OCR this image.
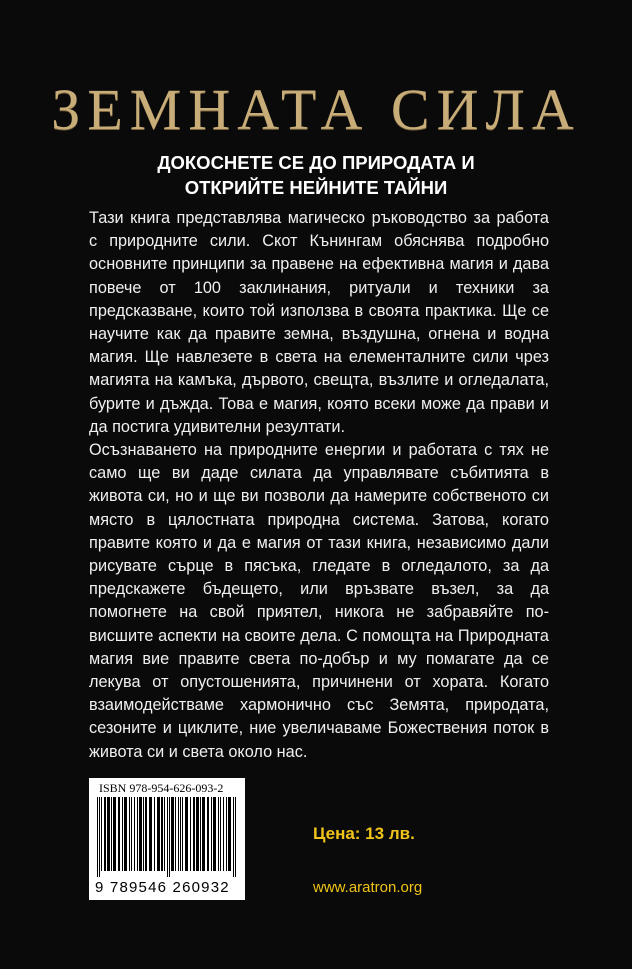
ЗЕМНАТА СИЛА
ДОКОСНЕТЕ СЕ ДО ПРИРОДАТА И
ОТКРИЙТЕ НЕЙНИТЕ ТАЙНИ

Тази книга представлява магическо ръководство за работа с природните сили. Скот Кънингам обяснява подробно основните принципи за правене на ефективна магия и дава повече от 100 заклинания, ритуали и техники за предсказване, които той използва в своята практика. Ще се научите как да правите земна, въздушна, огнена и водна магия. Ще навлезете в света на елементалните сили чрез магията на камъка, дървото, свещта, възлите и огледалата, бурите и дъжда. Това е магия, която всеки може да прави и да постига удивителни резултати.

Осъзнаването на природните енергии и работата с тях не само ще ви даде силата да управлявате събитията в живота си, но и ще ви позволи да намерите собственото си място в цялостната природна система. Затова, когато правите която и да е магия от тази книга, независимо дали рисувате сърце в пясъка, гледате в огледалото, за да предскажете бъдещето, или връзвате възел, за да помогнете на свой приятел, никога не забравяйте по-висшите аспекти на своите дела. С помощта на Природната магия вие правите света по-добър и му помагате да се лекува от опустошенията, причинени от хората. Когато взаимодействаме хармонично със Земята, природата, сезоните и циклите, ние увеличаваме Божествения поток в живота си и света около нас.

ISBN 978-954-626-093-2
9 789546 260932
Цена: 13 лв.
www.aratron.org
